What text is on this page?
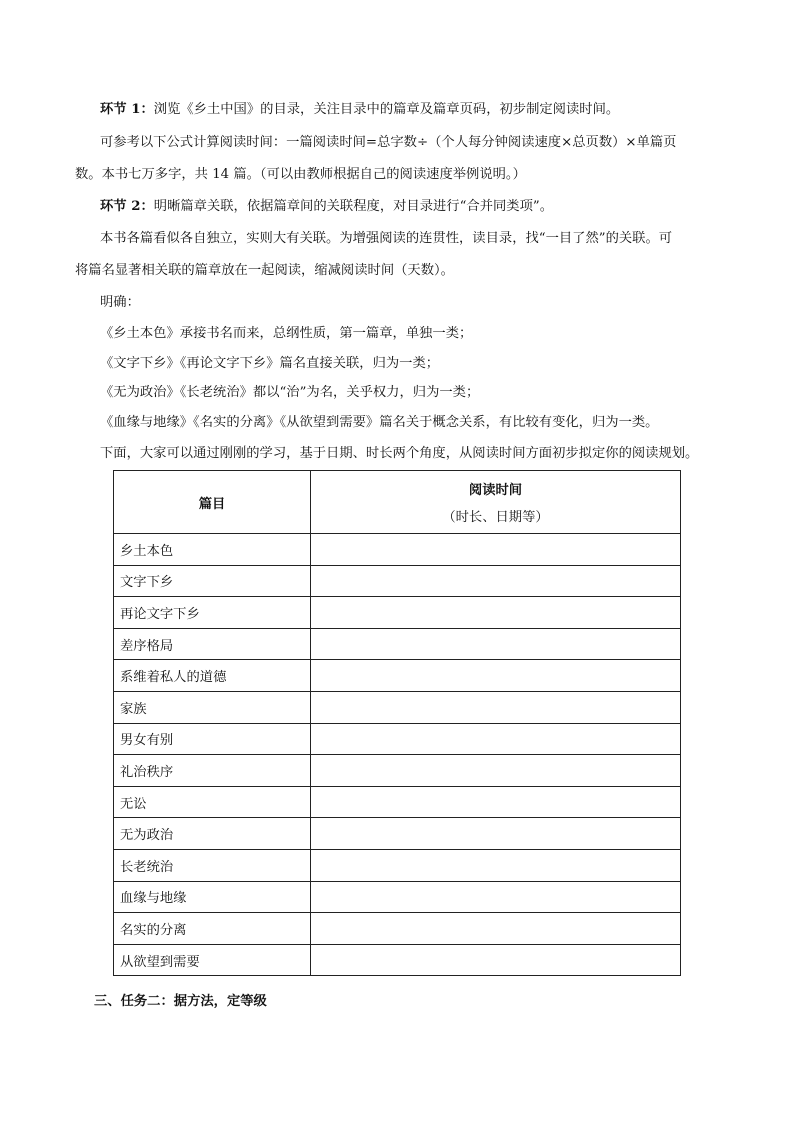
环节 1：浏览《乡土中国》的目录，关注目录中的篇章及篇章页码，初步制定阅读时间。
可参考以下公式计算阅读时间：一篇阅读时间=总字数÷（个人每分钟阅读速度×总页数）×单篇页
数。本书七万多字，共 14 篇。（可以由教师根据自己的阅读速度举例说明。）
环节 2：明晰篇章关联，依据篇章间的关联程度，对目录进行“合并同类项”。
本书各篇看似各自独立，实则大有关联。为增强阅读的连贯性，读目录，找“一目了然”的关联。可
将篇名显著相关联的篇章放在一起阅读，缩减阅读时间（天数）。
明确：
《乡土本色》承接书名而来，总纲性质，第一篇章，单独一类；
《文字下乡》《再论文字下乡》篇名直接关联，归为一类；
《无为政治》《长老统治》都以“治”为名，关乎权力，归为一类；
《血缘与地缘》《名实的分离》《从欲望到需要》篇名关于概念关系，有比较有变化，归为一类。
下面，大家可以通过刚刚的学习，基于日期、时长两个角度，从阅读时间方面初步拟定你的阅读规划。
篇目	阅读时间
（时长、日期等）

乡土本色	
文字下乡	
再论文字下乡	
差序格局	
系维着私人的道德	
家族	
男女有别	
礼治秩序	
无讼	
无为政治	
长老统治	
血缘与地缘	
名实的分离	
从欲望到需要	
三、任务二：据方法，定等级
